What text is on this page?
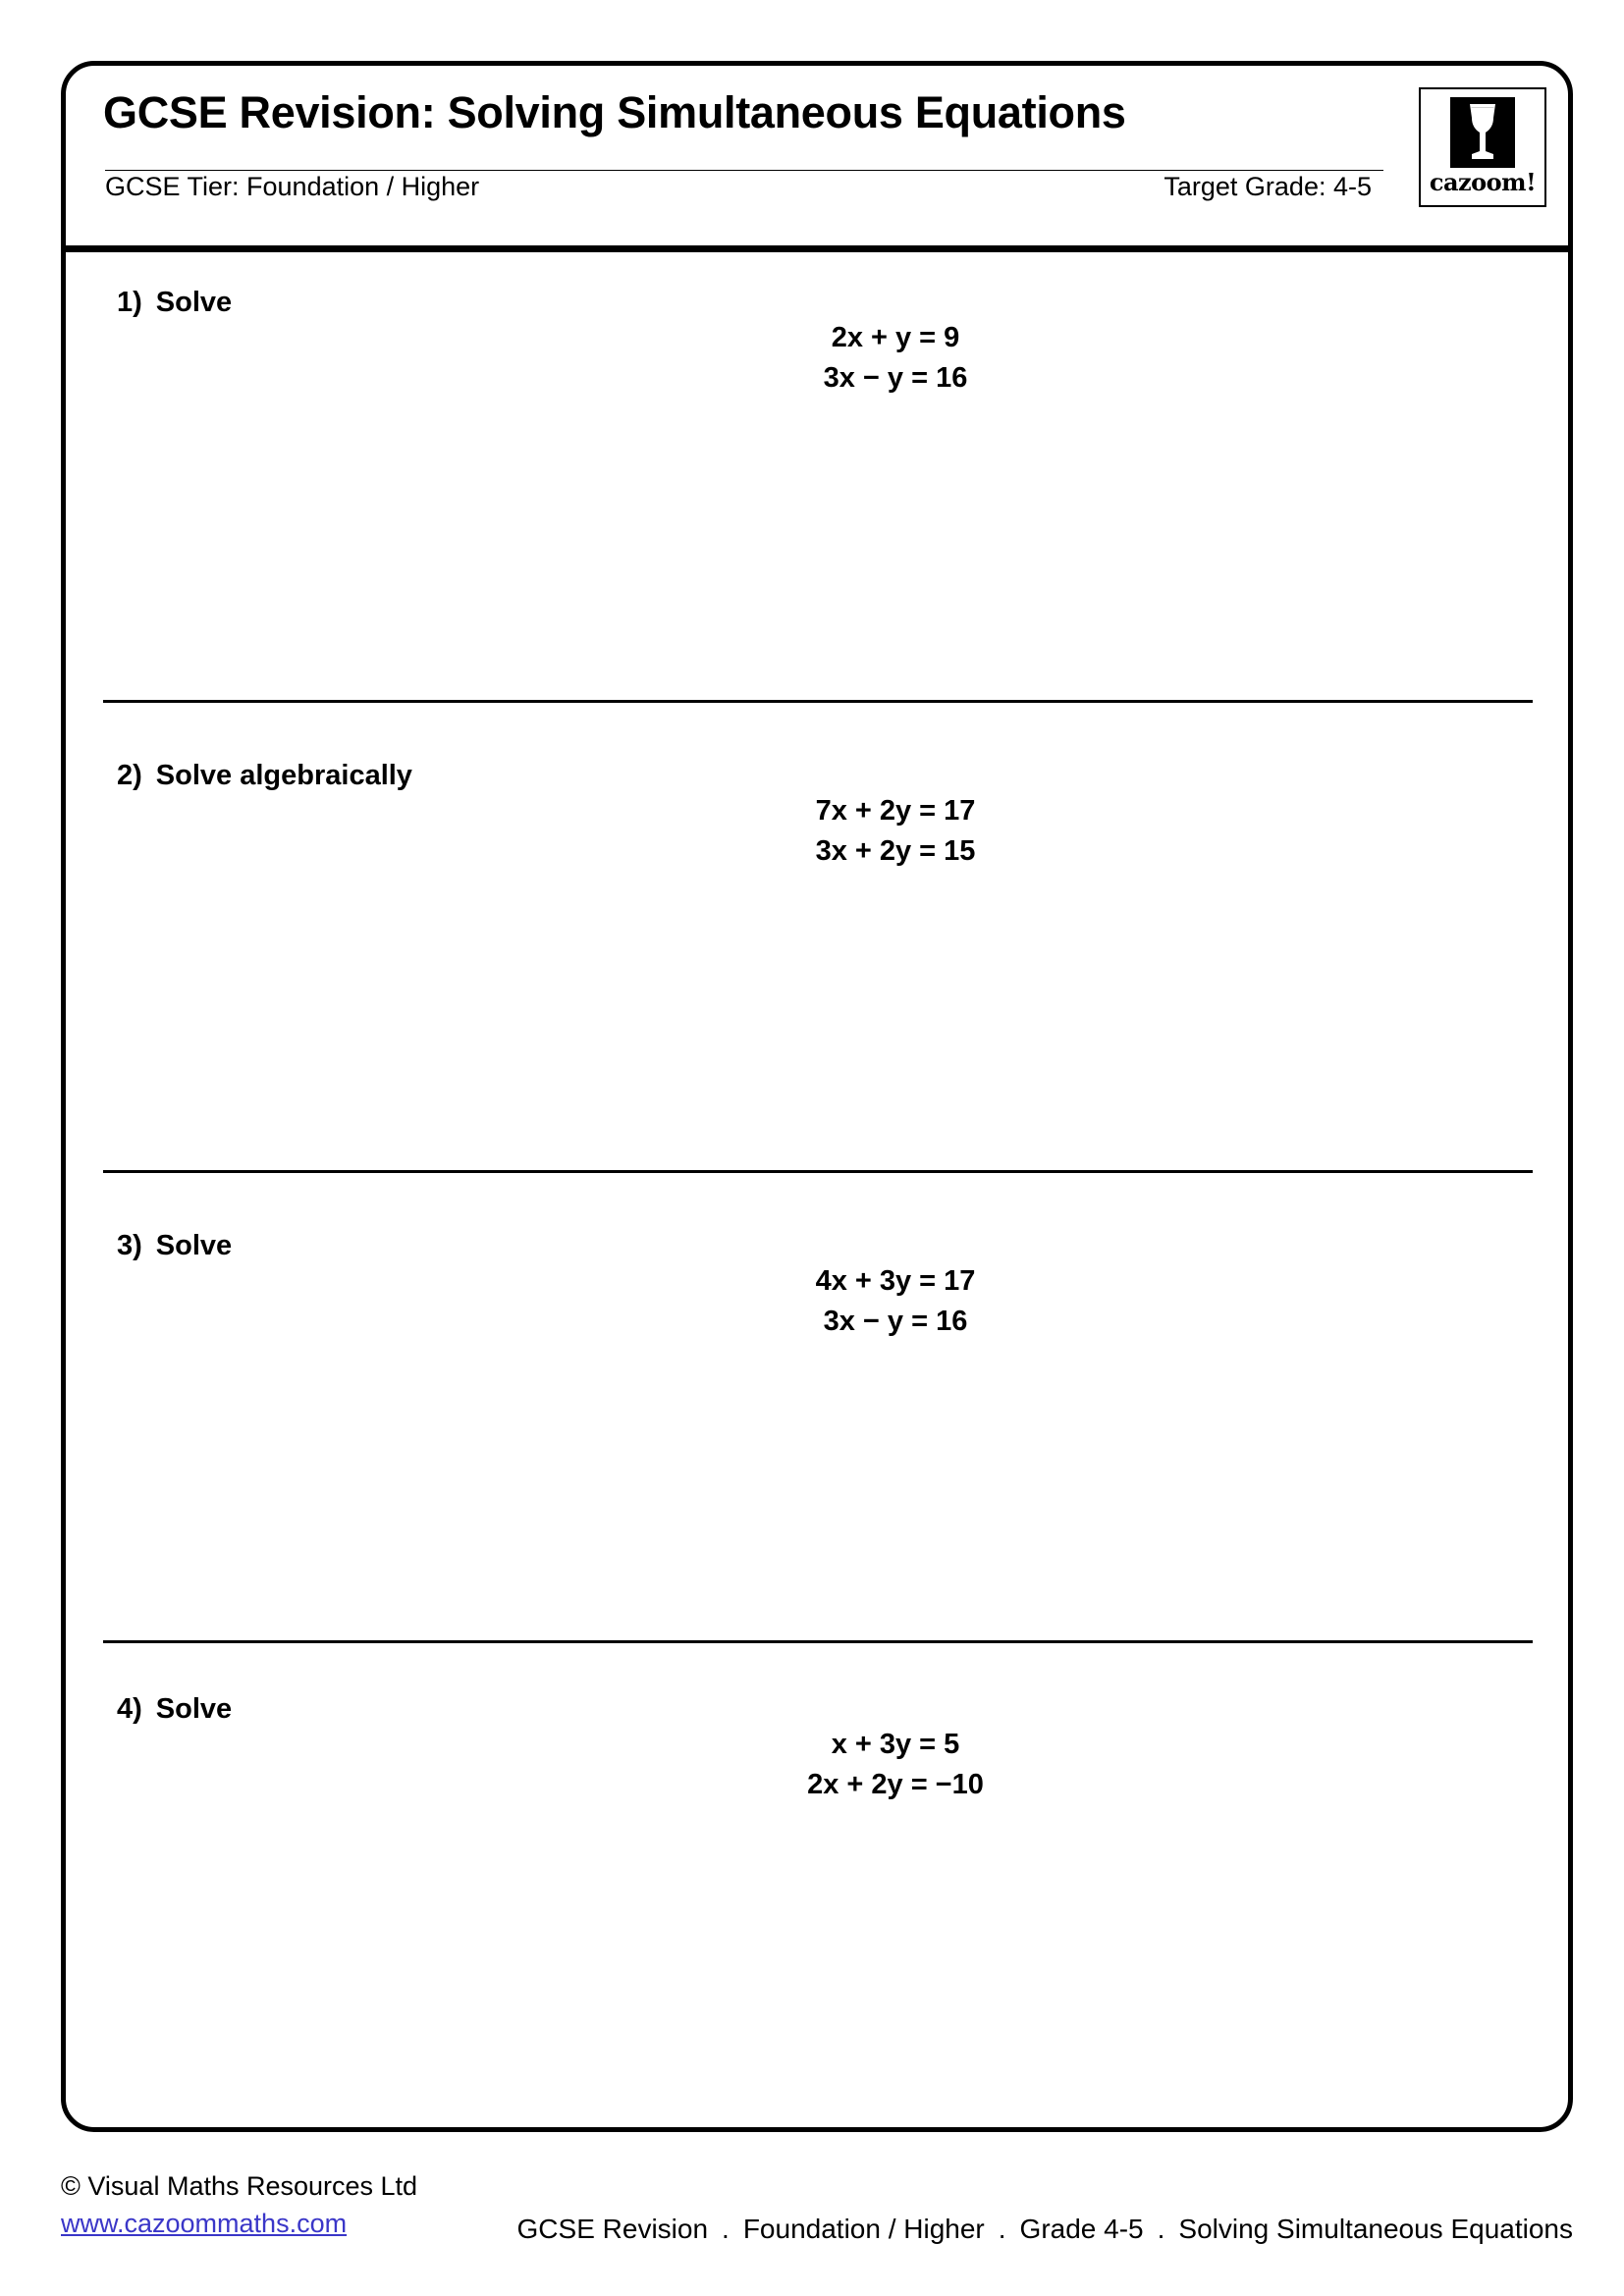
GCSE Revision: Solving Simultaneous Equations
GCSE Tier: Foundation / Higher	Target Grade: 4-5 cazoom!
1) Solve
2x + y = 9
3x − y = 16
2) Solve algebraically
7x + 2y = 17
3x + 2y = 15
3) Solve
4x + 3y = 17
3x − y = 16
4) Solve
x + 3y = 5
2x + 2y = −10
© Visual Maths Resources Ltd
www.cazoommaths.com	GCSE Revision . Foundation / Higher . Grade 4-5 . Solving Simultaneous Equations
